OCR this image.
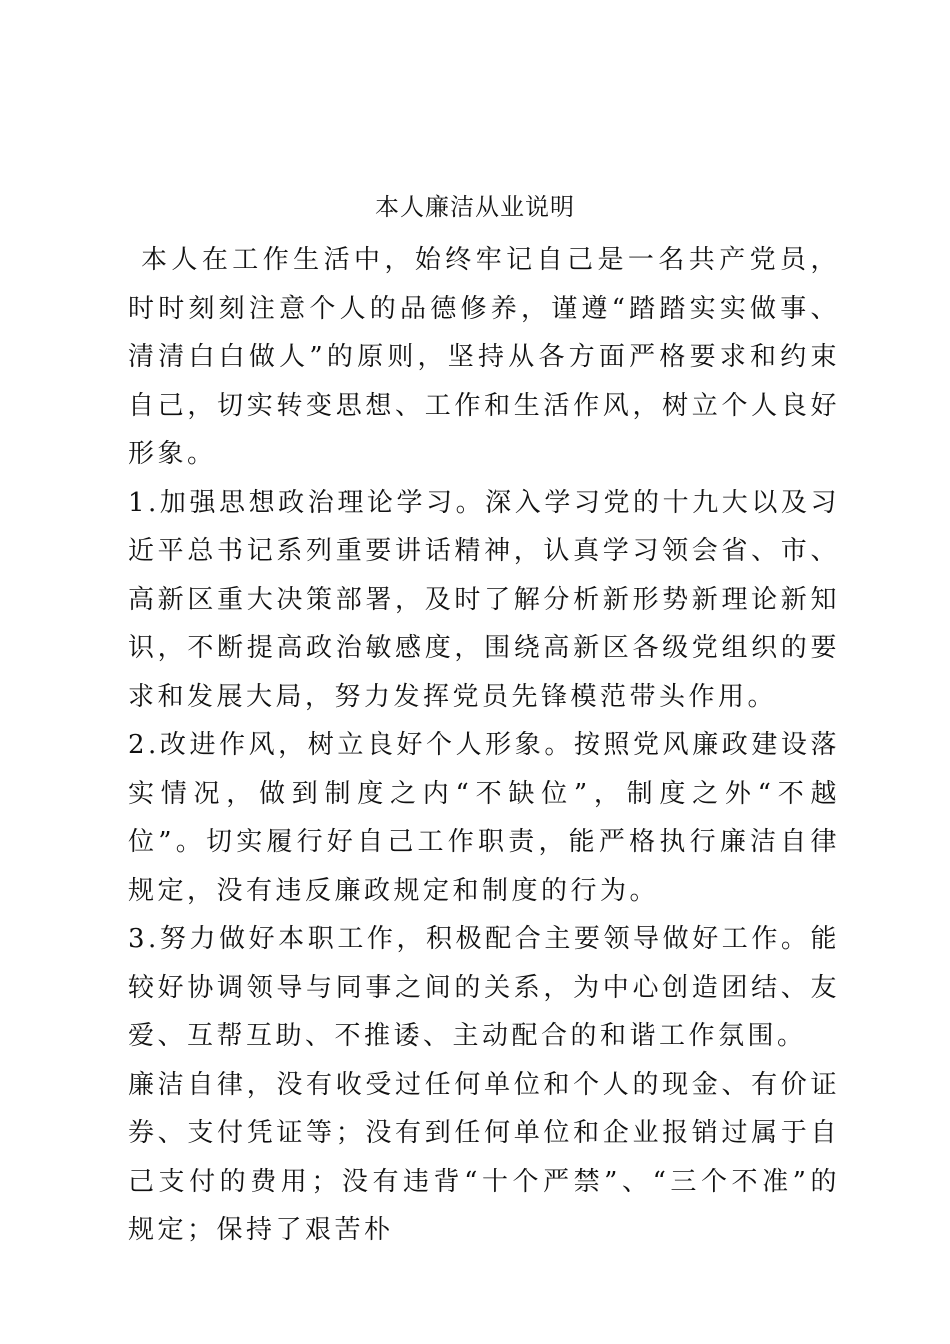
本人廉洁从业说明

本人在工作生活中，始终牢记自己是一名共产党员，时时刻刻注意个人的品德修养，谨遵“踏踏实实做事、清清白白做人”的原则，坚持从各方面严格要求和约束自己，切实转变思想、工作和生活作风，树立个人良好形象。

1.加强思想政治理论学习。深入学习党的十九大以及习近平总书记系列重要讲话精神，认真学习领会省、市、高新区重大决策部署，及时了解分析新形势新理论新知识，不断提高政治敏感度，围绕高新区各级党组织的要求和发展大局，努力发挥党员先锋模范带头作用。

2.改进作风，树立良好个人形象。按照党风廉政建设落实情况，做到制度之内“不缺位”，制度之外“不越位”。切实履行好自己工作职责，能严格执行廉洁自律规定，没有违反廉政规定和制度的行为。

3.努力做好本职工作，积极配合主要领导做好工作。能较好协调领导与同事之间的关系，为中心创造团结、友爱、互帮互助、不推诿、主动配合的和谐工作氛围。

廉洁自律，没有收受过任何单位和个人的现金、有价证券、支付凭证等；没有到任何单位和企业报销过属于自己支付的费用；没有违背“十个严禁”、“三个不准”的规定；保持了艰苦朴
